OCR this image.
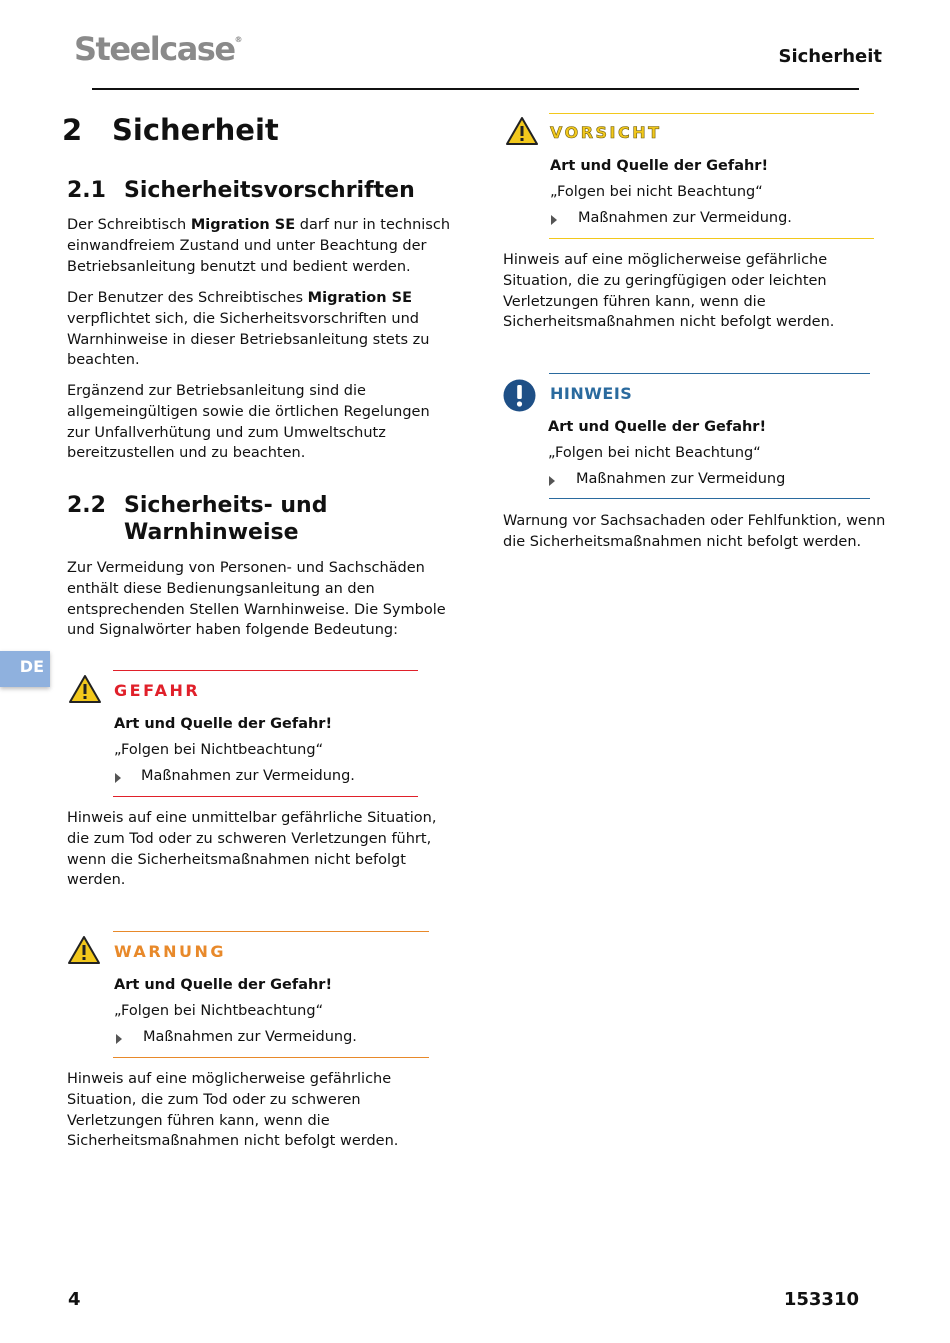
Steelcase®
Sicherheit
DE
2 Sicherheit
2.1 Sicherheitsvorschriften

Der Schreibtisch Migration SE darf nur in technisch einwandfreiem Zustand und unter Beachtung der Betriebsanleitung benutzt und bedient werden.

Der Benutzer des Schreibtisches Migration SE verpflichtet sich, die Sicherheitsvorschriften und Warnhinweise in dieser Betriebsanleitung stets zu beachten.

Ergänzend zur Betriebsanleitung sind die allgemeingültigen sowie die örtlichen Regelungen zur Unfallverhütung und zum Umweltschutz bereitzustellen und zu beachten.

2.2 Sicherheits- und Warnhinweise

Zur Vermeidung von Personen- und Sachschäden enthält diese Bedienungsanleitung an den entsprechenden Stellen Warnhinweise. Die Symbole und Signalwörter haben folgende Bedeutung:

GEFAHR
Art und Quelle der Gefahr!
„Folgen bei Nichtbeachtung“
Maßnahmen zur Vermeidung.

Hinweis auf eine unmittelbar gefährliche Situation, die zum Tod oder zu schweren Verletzungen führt, wenn die Sicherheitsmaßnahmen nicht befolgt werden.

WARNUNG
Art und Quelle der Gefahr!
„Folgen bei Nichtbeachtung“
Maßnahmen zur Vermeidung.

Hinweis auf eine möglicherweise gefährliche Situation, die zum Tod oder zu schweren Verletzungen führen kann, wenn die Sicherheitsmaßnahmen nicht befolgt werden.

VORSICHT
Art und Quelle der Gefahr!
„Folgen bei nicht Beachtung“
Maßnahmen zur Vermeidung.

Hinweis auf eine möglicherweise gefährliche Situation, die zu geringfügigen oder leichten Verletzungen führen kann, wenn die Sicherheitsmaßnahmen nicht befolgt werden.

HINWEIS
Art und Quelle der Gefahr!
„Folgen bei nicht Beachtung“
Maßnahmen zur Vermeidung

Warnung vor Sachsachaden oder Fehlfunktion, wenn die Sicherheitsmaßnahmen nicht befolgt werden.

4	153310
